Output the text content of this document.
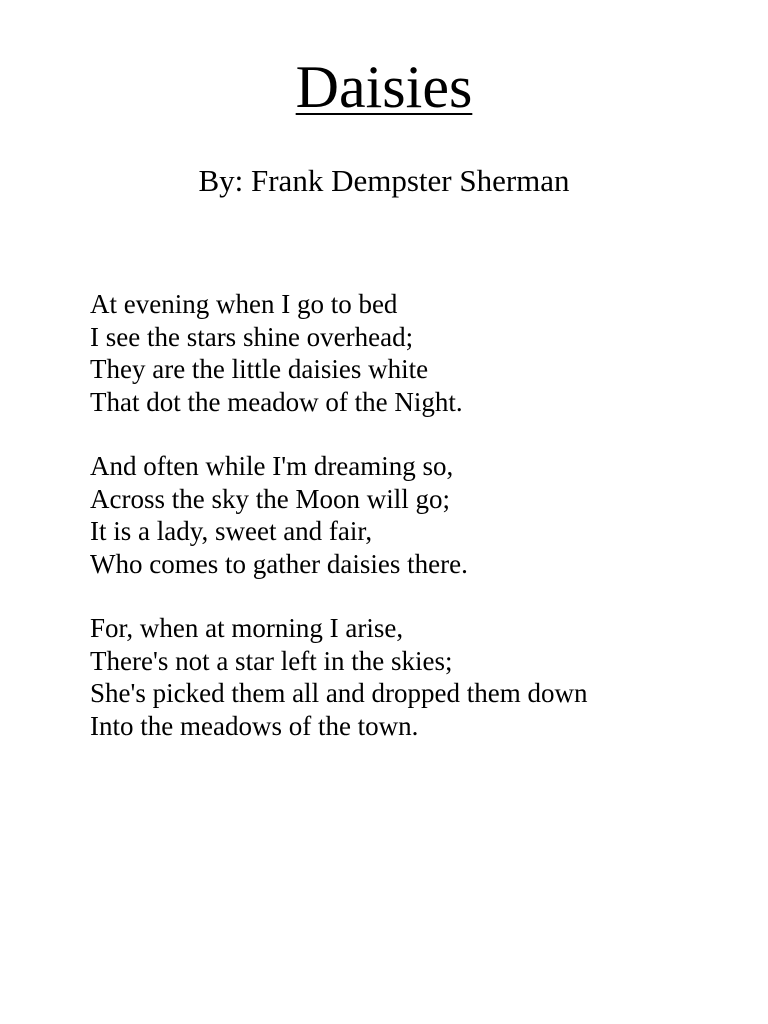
Daisies

By: Frank Dempster Sherman

At evening when I go to bed
I see the stars shine overhead;
They are the little daisies white
That dot the meadow of the Night.
And often while I'm dreaming so,
Across the sky the Moon will go;
It is a lady, sweet and fair,
Who comes to gather daisies there.
For, when at morning I arise,
There's not a star left in the skies;
She's picked them all and dropped them down
Into the meadows of the town.
